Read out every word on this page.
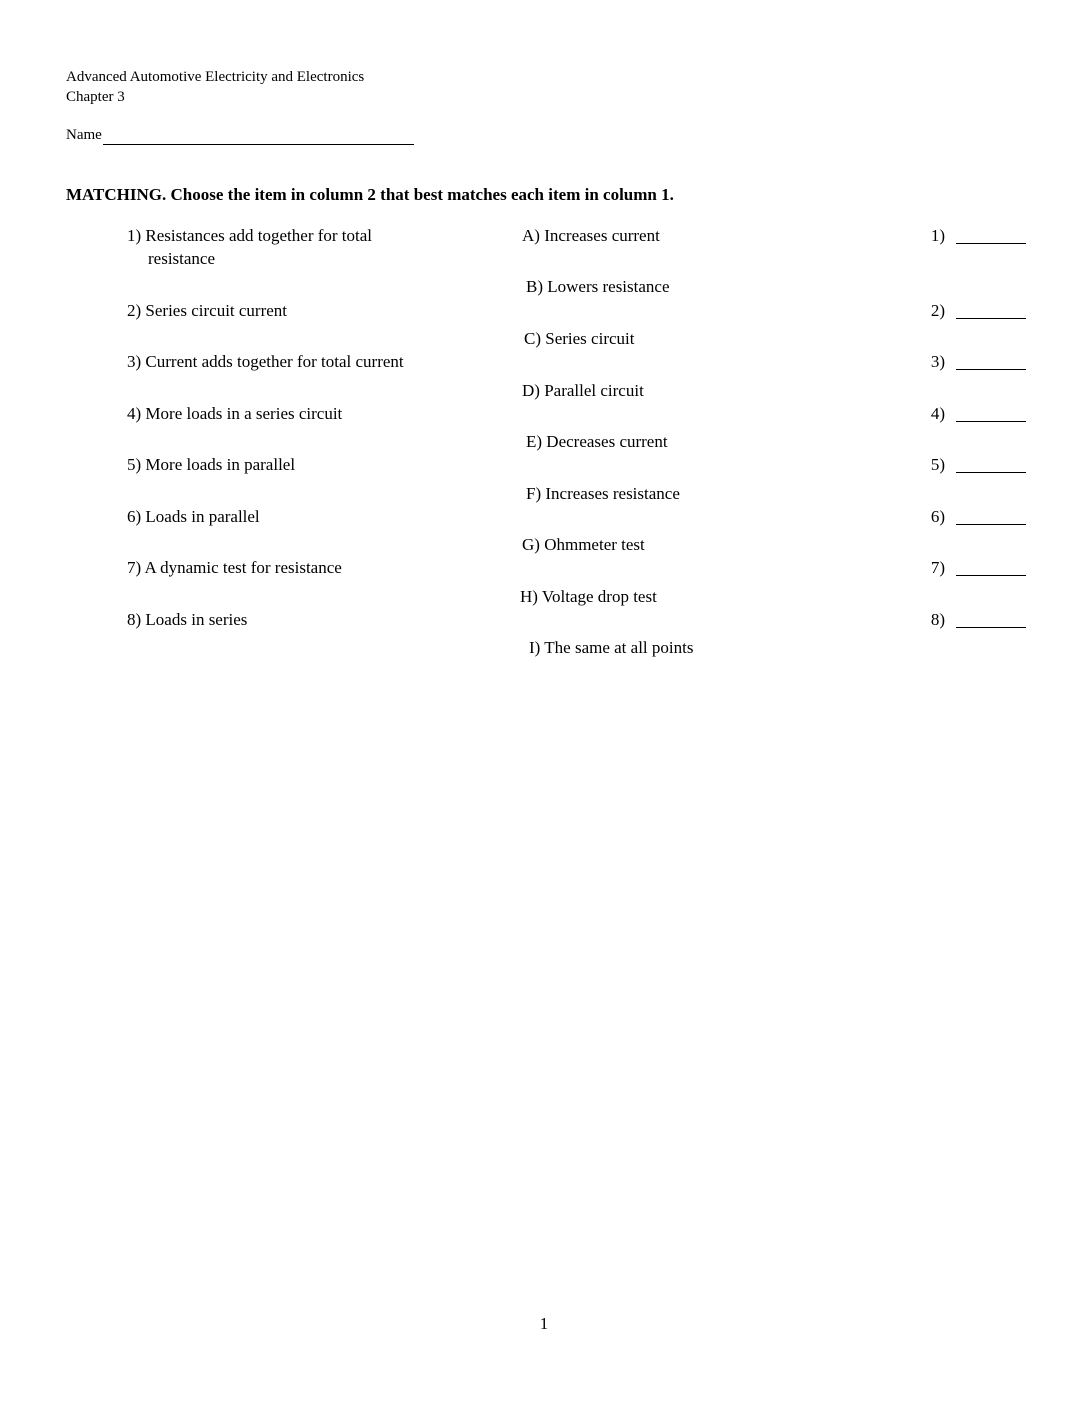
Advanced Automotive Electricity and Electronics
Chapter 3
Name
MATCHING. Choose the item in column 2 that best matches each item in column 1.
1) Resistances add together for total
resistance
2) Series circuit current
3) Current adds together for total current
4) More loads in a series circuit
5) More loads in parallel
6) Loads in parallel
7) A dynamic test for resistance
8) Loads in series
A) Increases current
B) Lowers resistance
C) Series circuit
D) Parallel circuit
E) Decreases current
F) Increases resistance
G) Ohmmeter test
H) Voltage drop test
I) The same at all points
1)
2)
3)
4)
5)
6)
7)
8)
1
